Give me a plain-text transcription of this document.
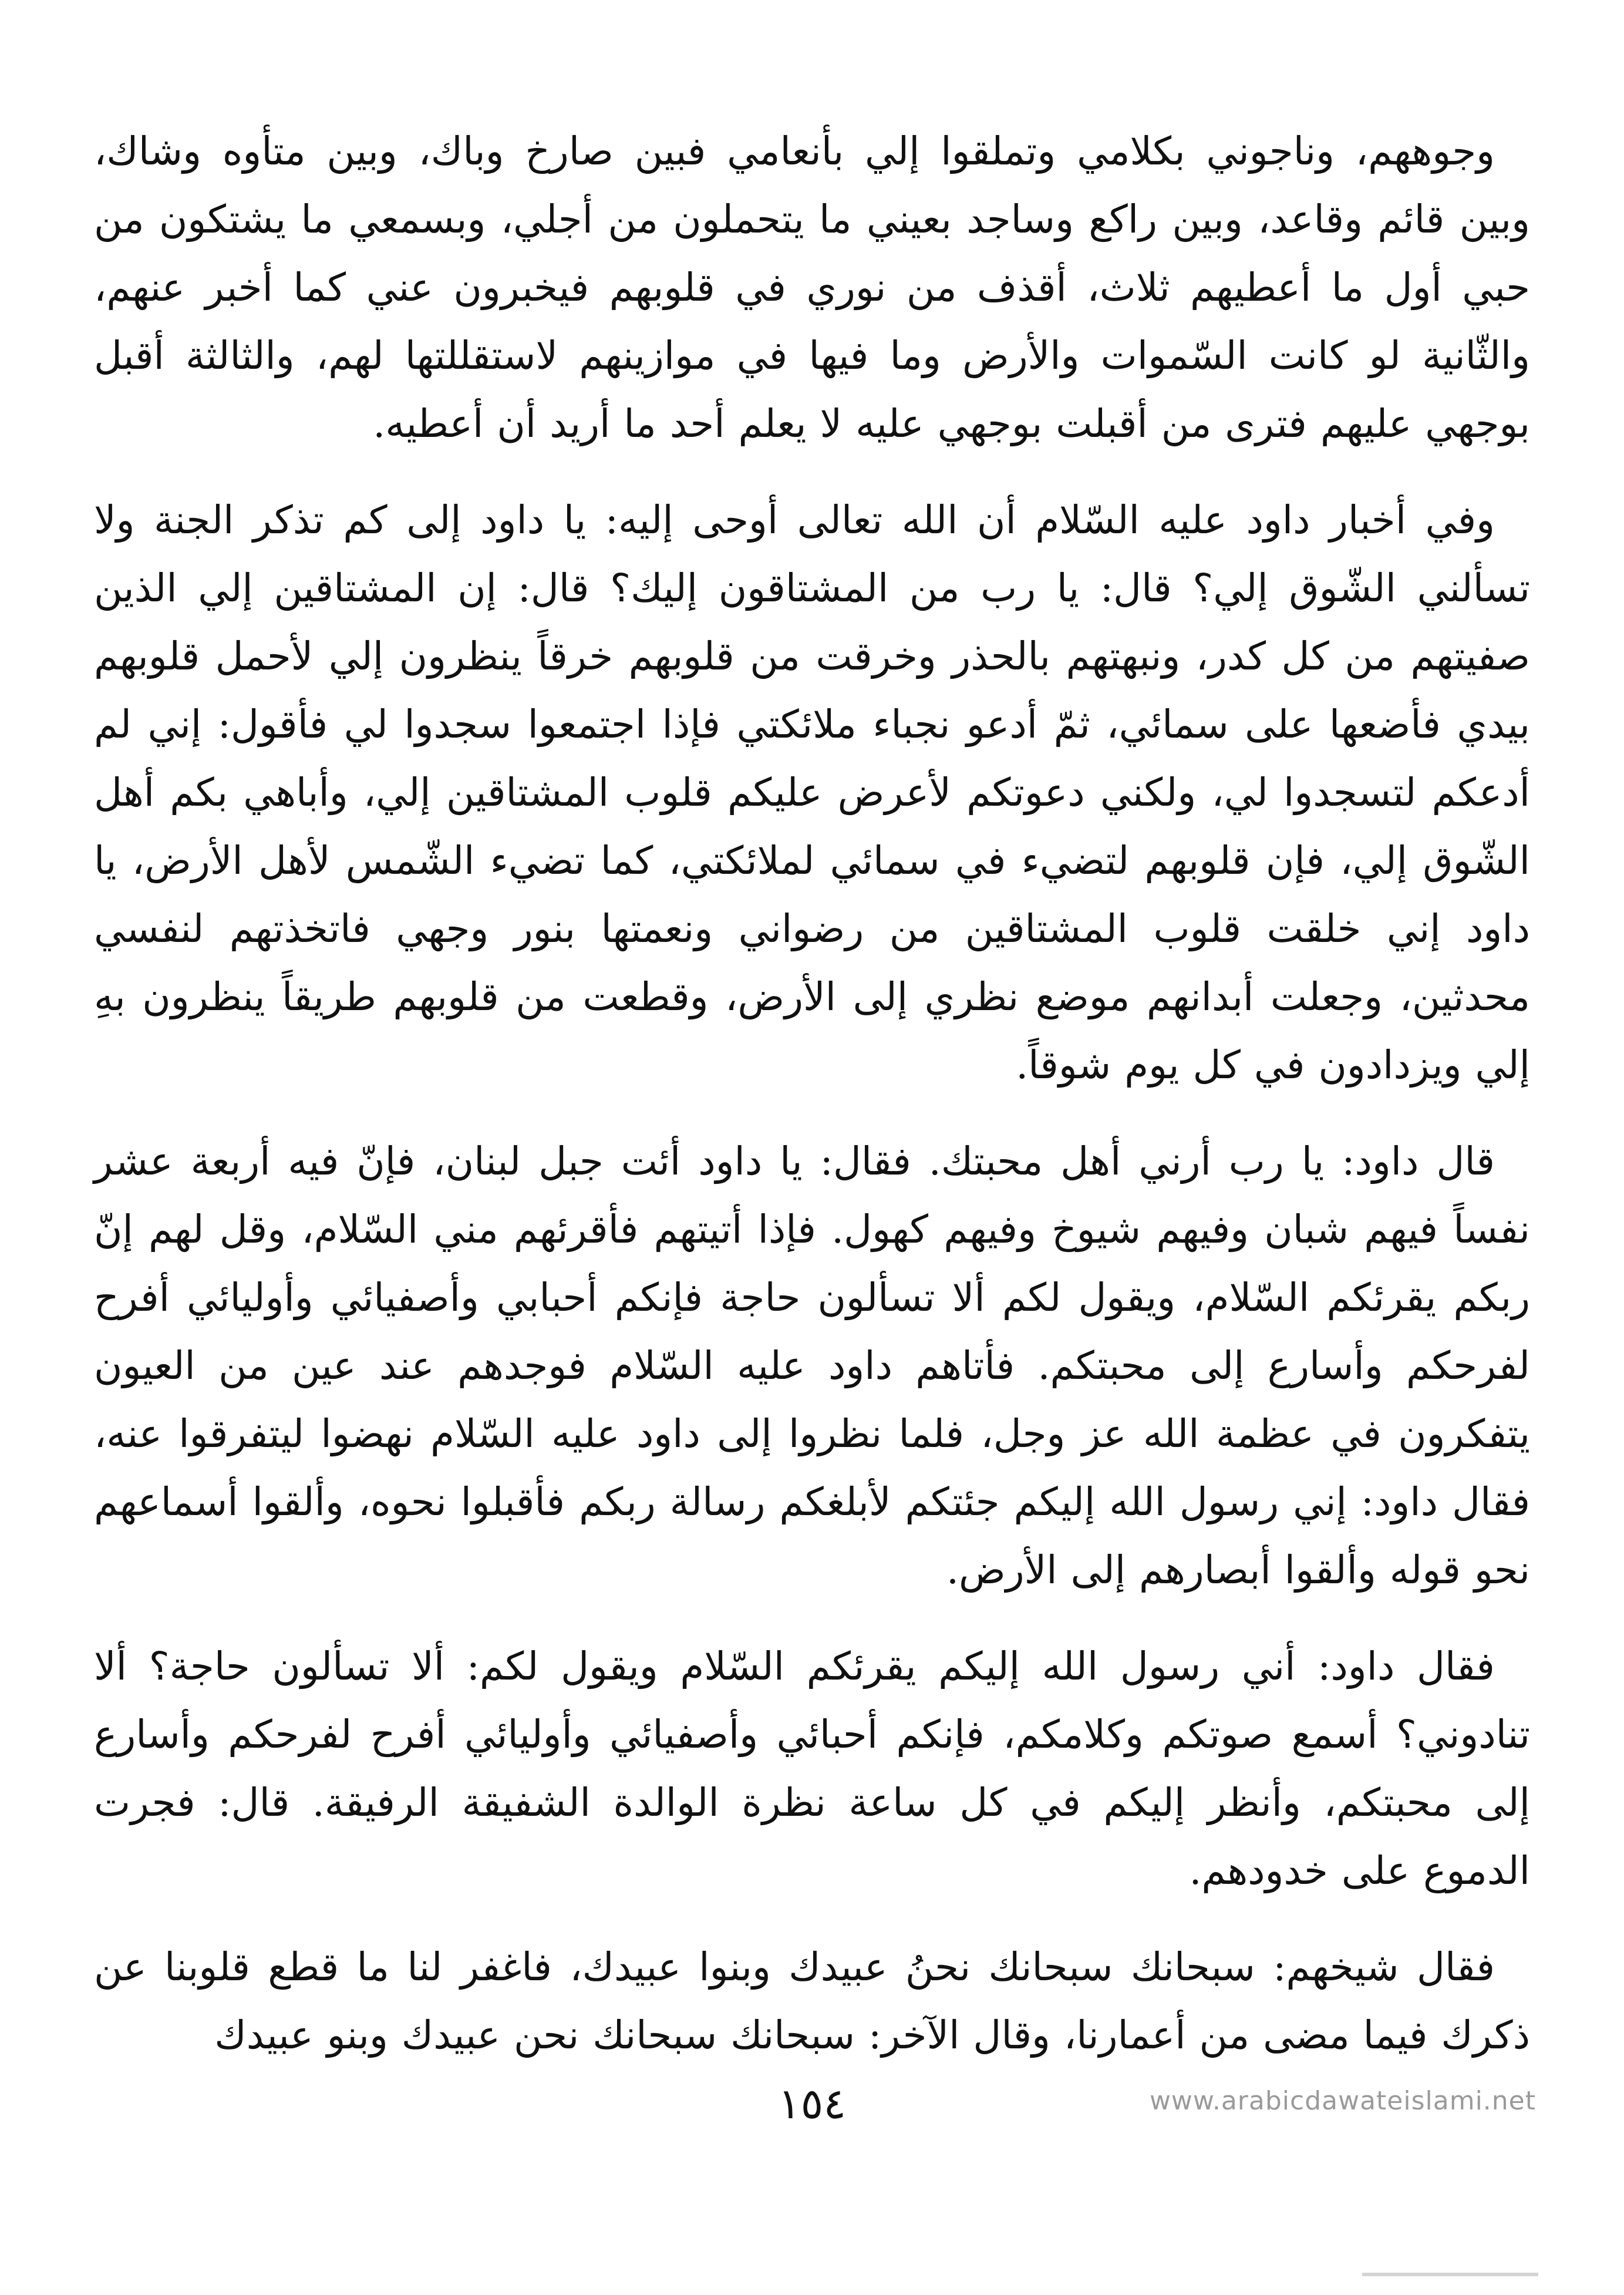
وجوههم، وناجوني بكلامي وتملقوا إلي بأنعامي فبين صارخ وباك، وبين متأوه وشاك، وبين قائم وقاعد، وبين راكع وساجد بعيني ما يتحملون من أجلي، وبسمعي ما يشتكون من حبي أول ما أعطيهم ثلاث، أقذف من نوري في قلوبهم فيخبرون عني كما أخبر عنهم، والثّانية لو كانت السّموات والأرض وما فيها في موازينهم لاستقللتها لهم، والثالثة أقبل بوجهي عليهم فترى من أقبلت بوجهي عليه لا يعلم أحد ما أريد أن أعطيه.

وفي أخبار داود عليه السّلام أن الله تعالى أوحى إليه: يا داود إلى كم تذكر الجنة ولا تسألني الشّوق إلي؟ قال: يا رب من المشتاقون إليك؟ قال: إن المشتاقين إلي الذين صفيتهم من كل كدر، ونبهتهم بالحذر وخرقت من قلوبهم خرقاً ينظرون إلي لأحمل قلوبهم بيدي فأضعها على سمائي، ثمّ أدعو نجباء ملائكتي فإذا اجتمعوا سجدوا لي فأقول: إني لم أدعكم لتسجدوا لي، ولكني دعوتكم لأعرض عليكم قلوب المشتاقين إلي، وأباهي بكم أهل الشّوق إلي، فإن قلوبهم لتضيء في سمائي لملائكتي، كما تضيء الشّمس لأهل الأرض، يا داود إني خلقت قلوب المشتاقين من رضواني ونعمتها بنور وجهي فاتخذتهم لنفسي محدثين، وجعلت أبدانهم موضع نظري إلى الأرض، وقطعت من قلوبهم طريقاً ينظرون بهِ إلي ويزدادون في كل يوم شوقاً.

قال داود: يا رب أرني أهل محبتك. فقال: يا داود أئت جبل لبنان، فإنّ فيه أربعة عشر نفساً فيهم شبان وفيهم شيوخ وفيهم كهول. فإذا أتيتهم فأقرئهم مني السّلام، وقل لهم إنّ ربكم يقرئكم السّلام، ويقول لكم ألا تسألون حاجة فإنكم أحبابي وأصفيائي وأوليائي أفرح لفرحكم وأسارع إلى محبتكم. فأتاهم داود عليه السّلام فوجدهم عند عين من العيون يتفكرون في عظمة الله عز وجل، فلما نظروا إلى داود عليه السّلام نهضوا ليتفرقوا عنه، فقال داود: إني رسول الله إليكم جئتكم لأبلغكم رسالة ربكم فأقبلوا نحوه، وألقوا أسماعهم نحو قوله وألقوا أبصارهم إلى الأرض.

فقال داود: أني رسول الله إليكم يقرئكم السّلام ويقول لكم: ألا تسألون حاجة؟ ألا تنادوني؟ أسمع صوتكم وكلامكم، فإنكم أحبائي وأصفيائي وأوليائي أفرح لفرحكم وأسارع إلى محبتكم، وأنظر إليكم في كل ساعة نظرة الوالدة الشفيقة الرفيقة. قال: فجرت الدموع على خدودهم.

فقال شيخهم: سبحانك سبحانك نحنُ عبيدك وبنوا عبيدك، فاغفر لنا ما قطع قلوبنا عن ذكرك فيما مضى من أعمارنا، وقال الآخر: سبحانك سبحانك نحن عبيدك وبنو عبيدك

١٥٤	www.arabicdawateislami.net
